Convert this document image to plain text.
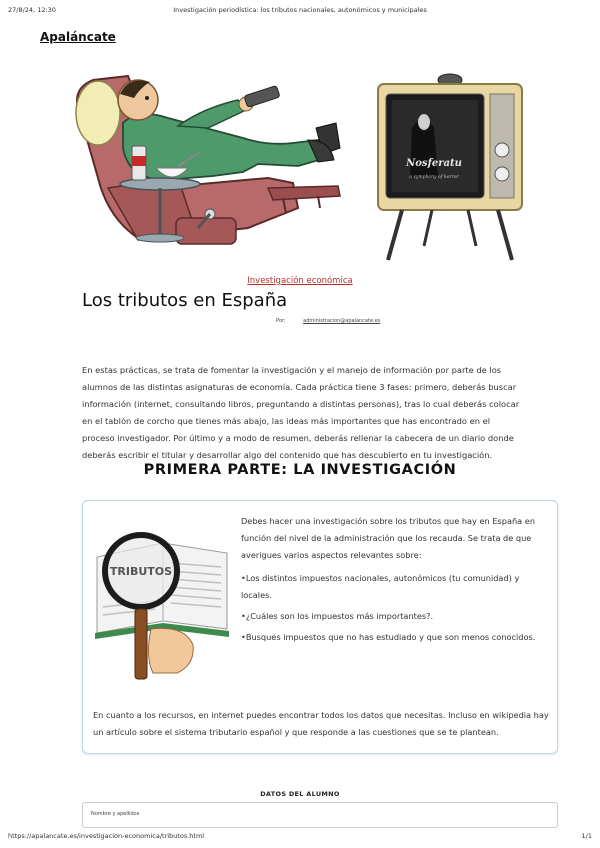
27/8/24, 12:30	Investigación periodística: los tributos nacionales, autonómicos y municipales
Apaláncate
Nosferatu
a symphony of horror
Investigación económica
Los tributos en España
Por:	administracion@apalancate.es

En estas prácticas, se trata de fomentar la investigación y el manejo de información por parte de los alumnos de las distintas asignaturas de economía. Cada práctica tiene 3 fases: primero, deberás buscar información (internet, consultando libros, preguntando a distintas personas), tras lo cual deberás colocar en el tablón de corcho que tienes más abajo, las ideas más importantes que has encontrado en el proceso investigador. Por último y a modo de resumen, deberás rellenar la cabecera de un diario donde deberás escribir el titular y desarrollar algo del contenido que has descubierto en tu investigación.

PRIMERA PARTE: LA INVESTIGACIÓN
TRIBUTOS

Debes hacer una investigación sobre los tributos que hay en España en función del nivel de la administración que los recauda. Se trata de que averigues varios aspectos relevantes sobre:

• Los distintos impuestos nacionales, autonómicos (tu comunidad) y locales.
• ¿Cuáles son los impuestos más importantes?.
• Busques impuestos que no has estudiado y que son menos conocidos.

En cuanto a los recursos, en internet puedes encontrar todos los datos que necesitas. Incluso en wikipedia hay un artículo sobre el sistema tributario español y que responde a las cuestiones que se te plantean.

DATOS DEL ALUMNO
Nombre y apellidos
https://apalancate.es/investigacion-economica/tributos.html	1/1
